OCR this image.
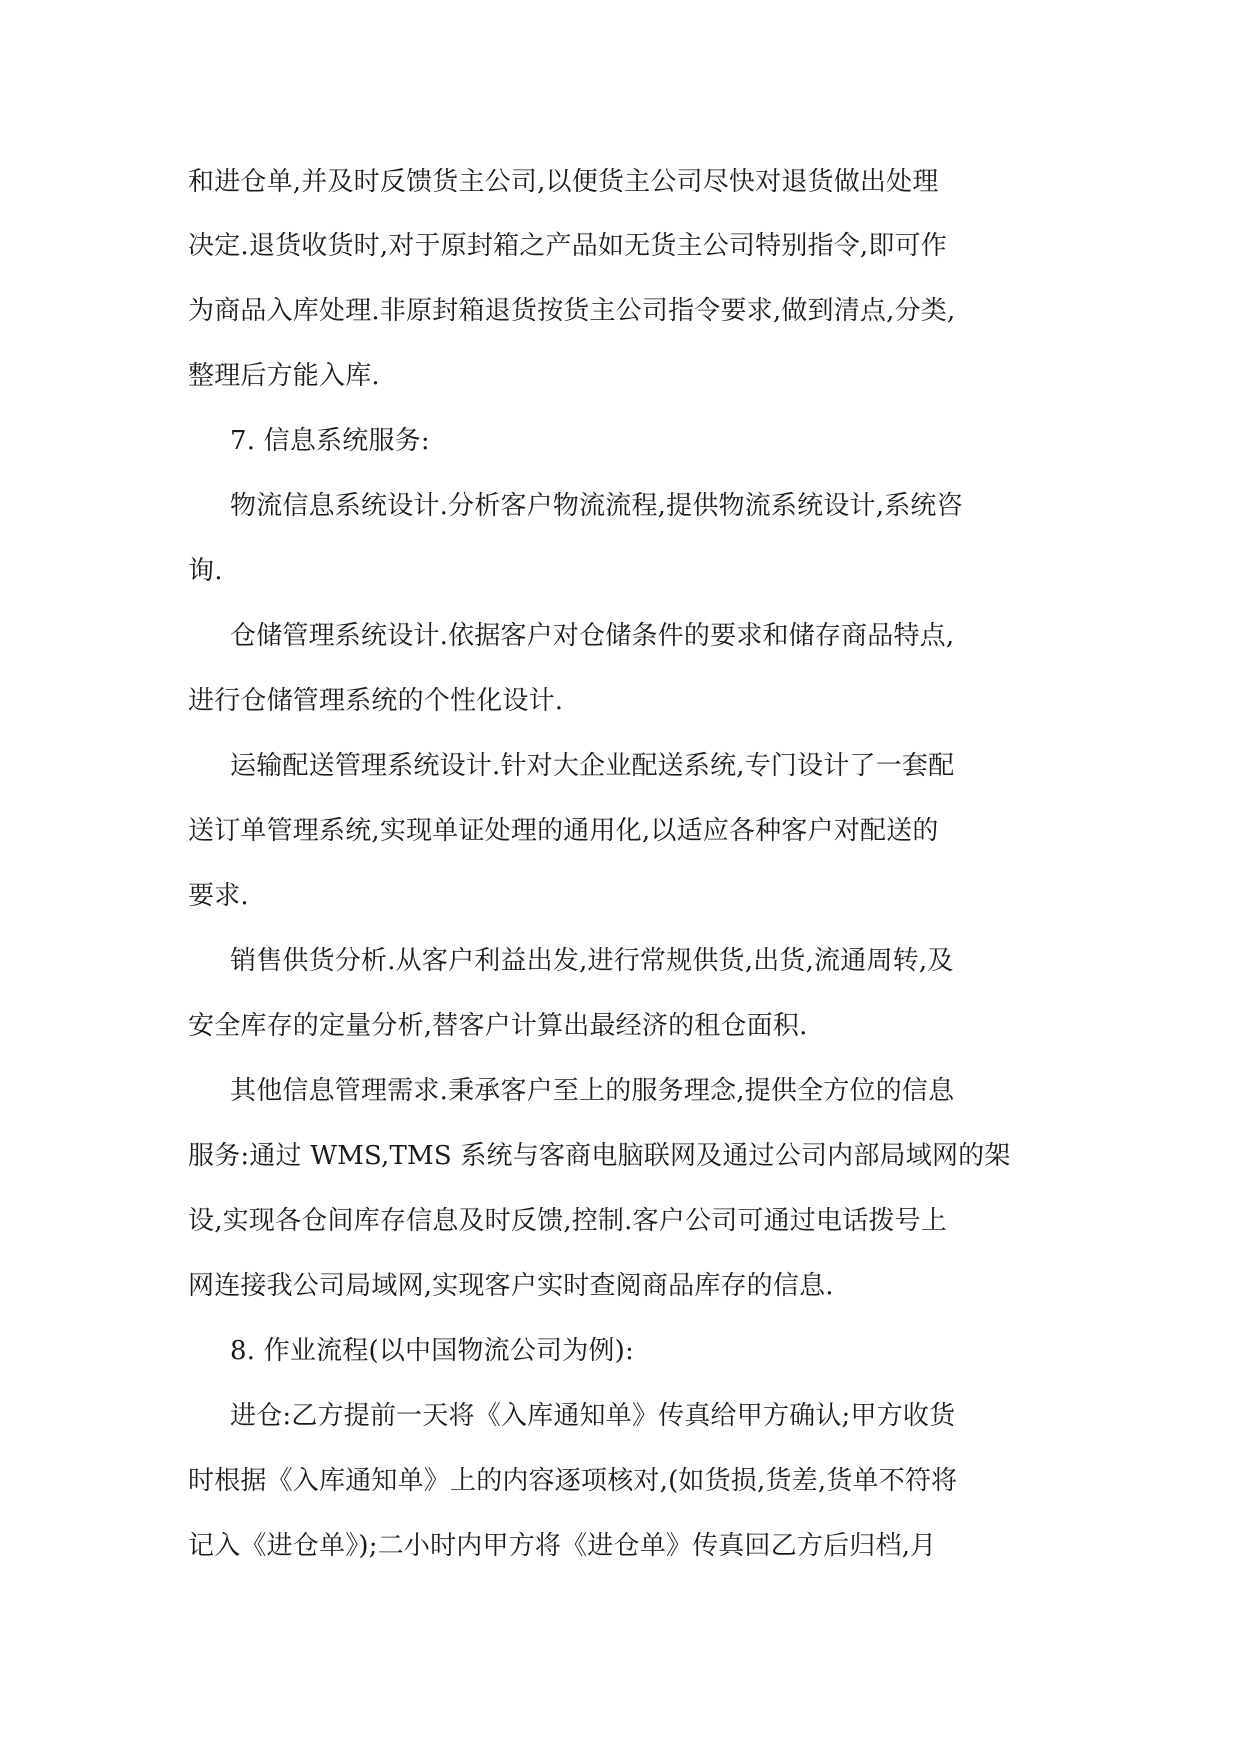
和进仓单,并及时反馈货主公司,以便货主公司尽快对退货做出处理
决定.退货收货时,对于原封箱之产品如无货主公司特别指令,即可作
为商品入库处理.非原封箱退货按货主公司指令要求,做到清点,分类,
整理后方能入库.
7. 信息系统服务:
物流信息系统设计.分析客户物流流程,提供物流系统设计,系统咨
询.
仓储管理系统设计.依据客户对仓储条件的要求和储存商品特点,
进行仓储管理系统的个性化设计.
运输配送管理系统设计.针对大企业配送系统,专门设计了一套配
送订单管理系统,实现单证处理的通用化,以适应各种客户对配送的
要求.
销售供货分析.从客户利益出发,进行常规供货,出货,流通周转,及
安全库存的定量分析,替客户计算出最经济的租仓面积.
其他信息管理需求.秉承客户至上的服务理念,提供全方位的信息
服务:通过 WMS,TMS 系统与客商电脑联网及通过公司内部局域网的架
设,实现各仓间库存信息及时反馈,控制.客户公司可通过电话拨号上
网连接我公司局域网,实现客户实时查阅商品库存的信息.
8. 作业流程(以中国物流公司为例):
进仓:乙方提前一天将《入库通知单》传真给甲方确认;甲方收货
时根据《入库通知单》上的内容逐项核对,(如货损,货差,货单不符将
记入《进仓单》);二小时内甲方将《进仓单》传真回乙方后归档,月
